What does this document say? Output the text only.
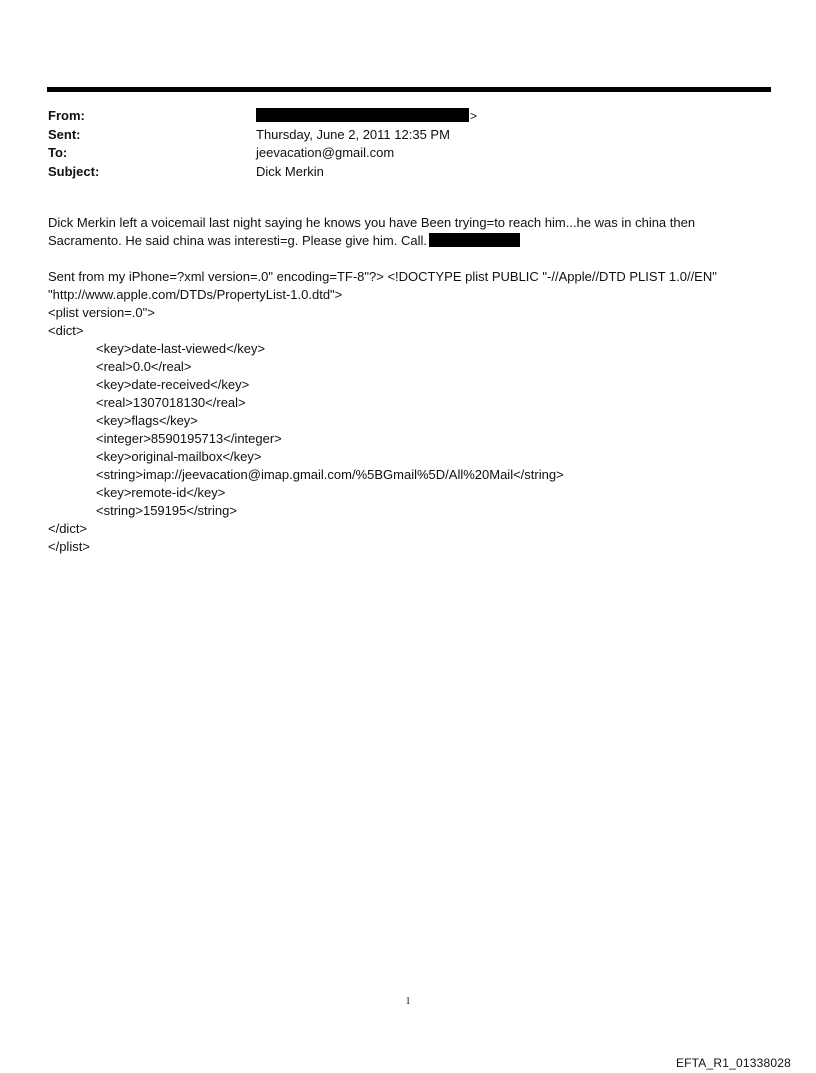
From:	>
Sent:	Thursday, June 2, 2011 12:35 PM
To:	jeevacation@gmail.com
Subject:	Dick Merkin
Dick Merkin left a voicemail last night saying he knows you have Been trying=to reach him...he was in china then
Sacramento. He said china was interesti=g. Please give him. Call.
Sent from my iPhone=?xml version=.0" encoding=TF-8"?> <!DOCTYPE plist PUBLIC "-//Apple//DTD PLIST 1.0//EN"
"http://www.apple.com/DTDs/PropertyList-1.0.dtd">
<plist version=.0">
<dict>
<key>date-last-viewed</key>
<real>0.0</real>
<key>date-received</key>
<real>1307018130</real>
<key>flags</key>
<integer>8590195713</integer>
<key>original-mailbox</key>
<string>imap://jeevacation@imap.gmail.com/%5BGmail%5D/All%20Mail</string>
<key>remote-id</key>
<string>159195</string>
</dict>
</plist>
1
EFTA_R1_01338028
